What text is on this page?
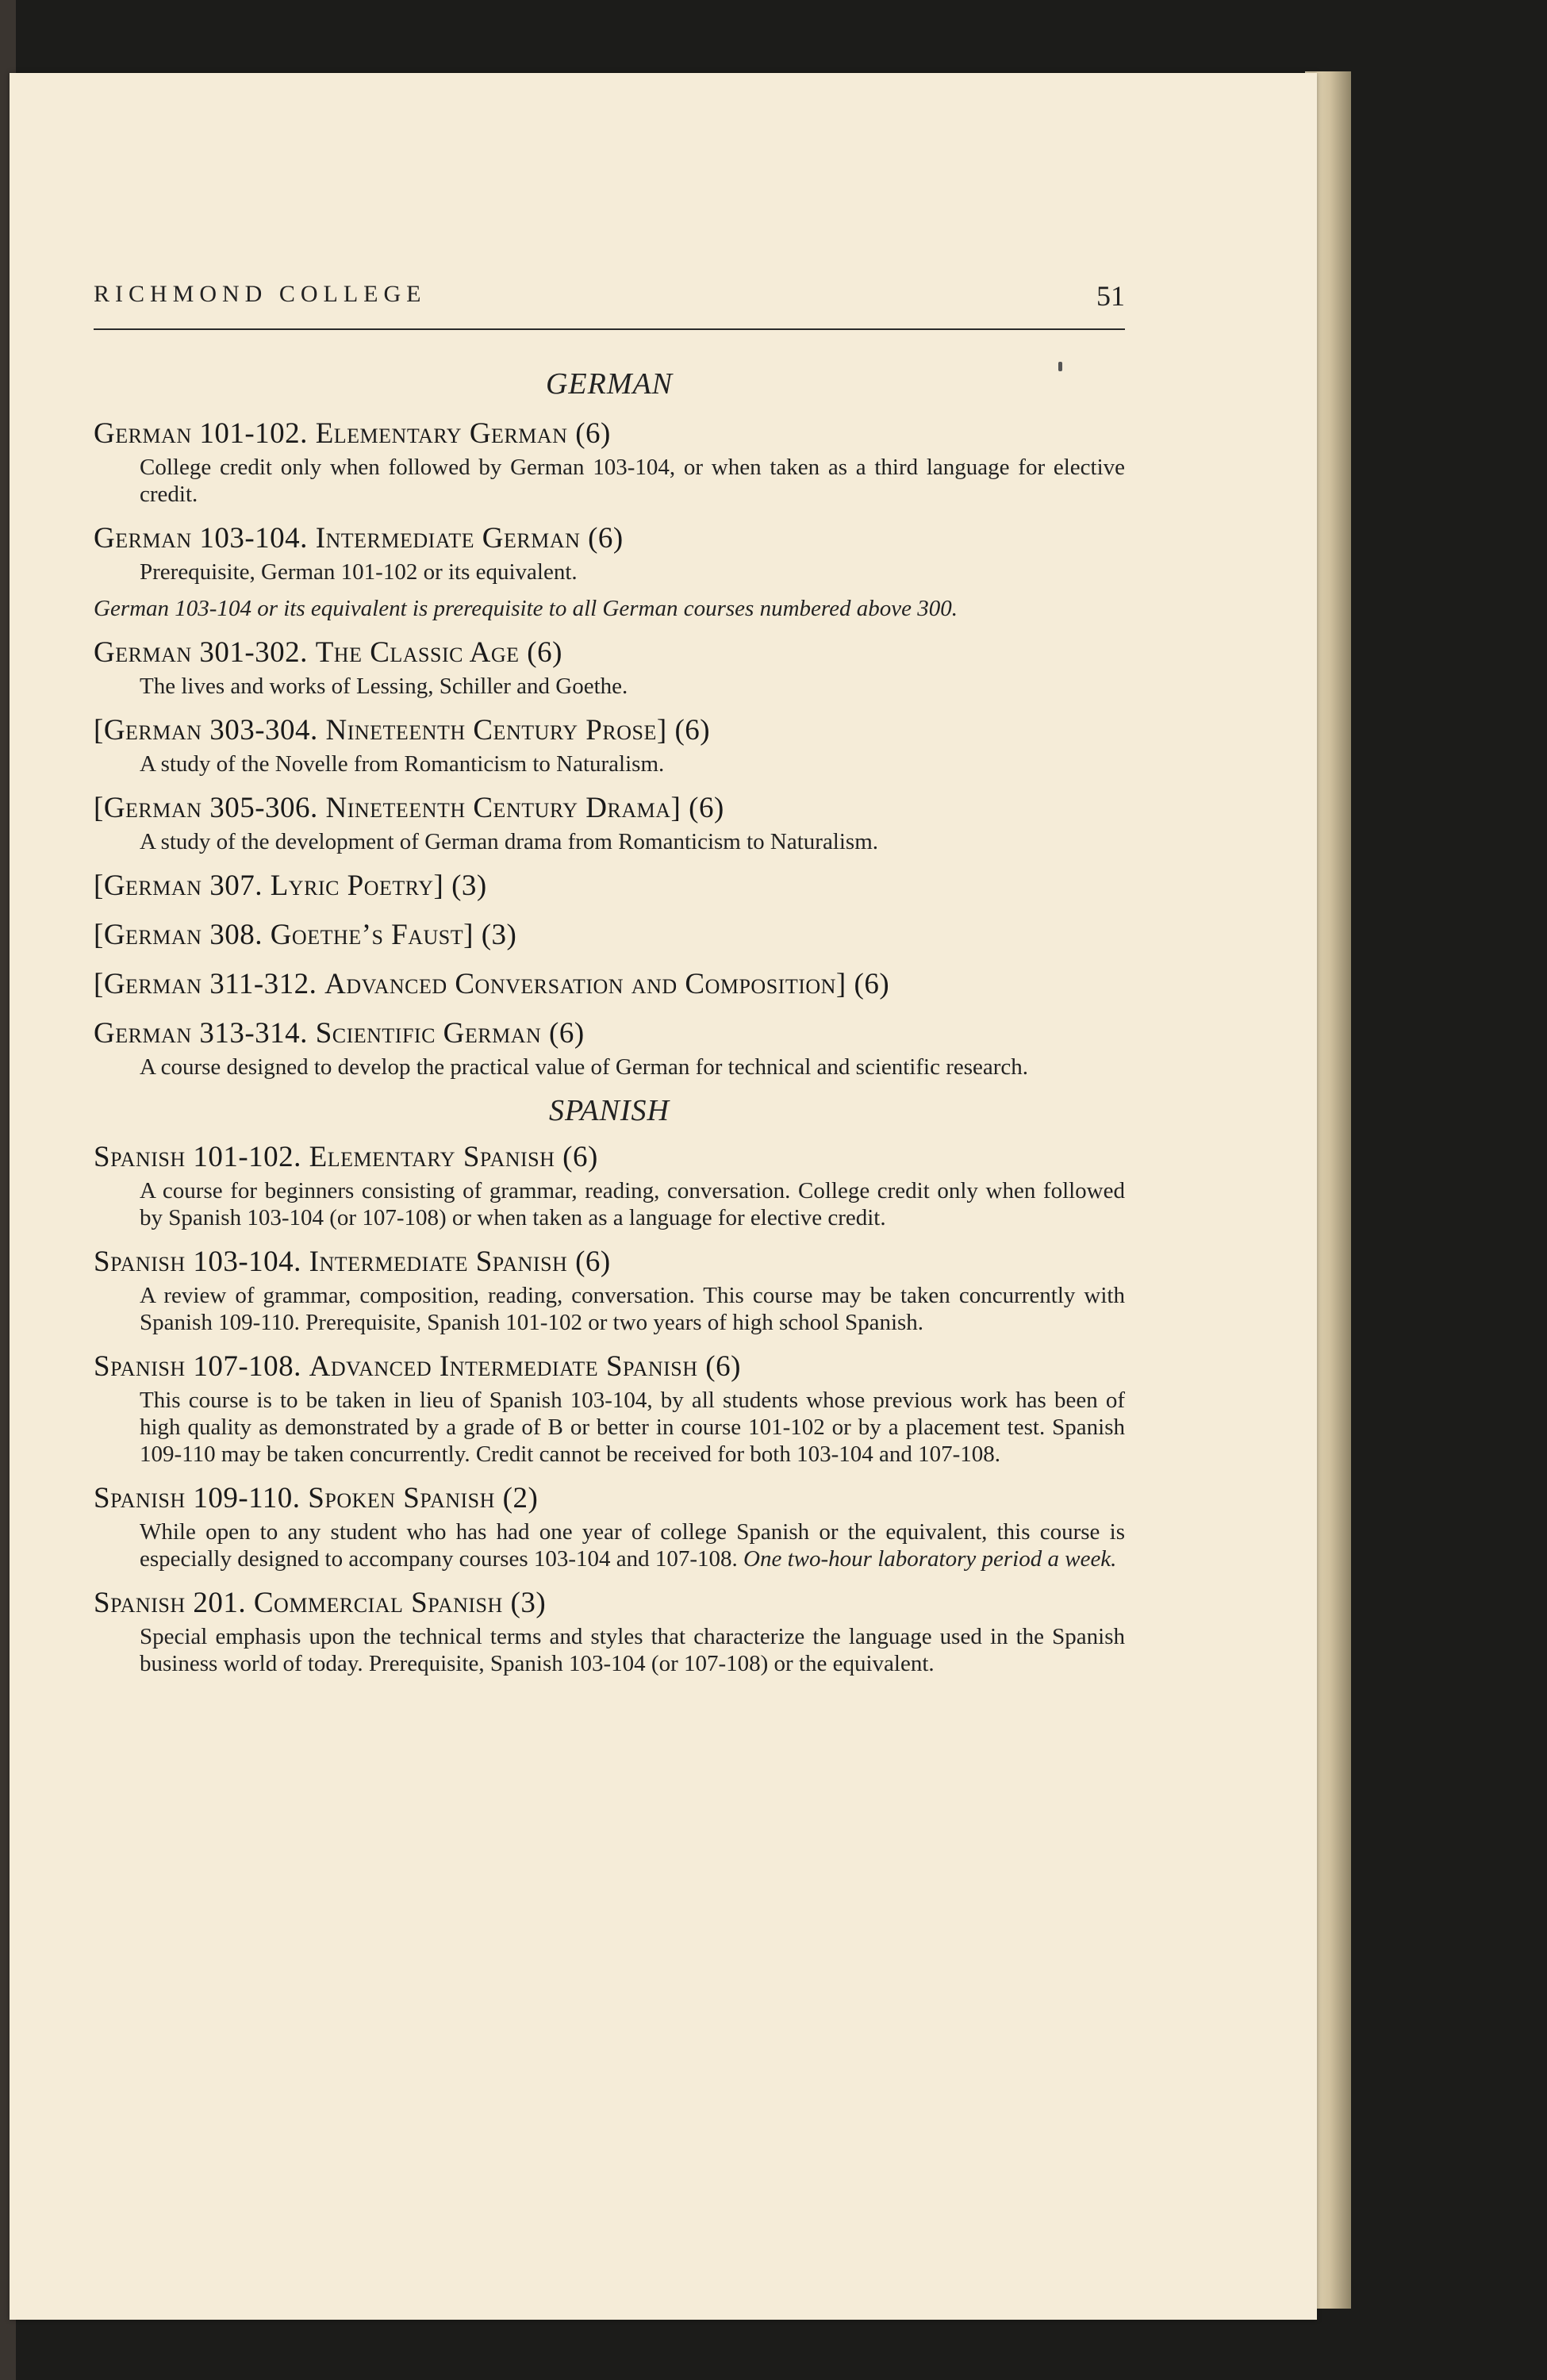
RICHMOND COLLEGE	51
GERMAN
German 101-102. Elementary German (6)
College credit only when followed by German 103-104, or when taken as a third language for elective credit.
German 103-104. Intermediate German (6)
Prerequisite, German 101-102 or its equivalent.
German 103-104 or its equivalent is prerequisite to all German courses numbered above 300.
German 301-302. The Classic Age (6)
The lives and works of Lessing, Schiller and Goethe.
[German 303-304. Nineteenth Century Prose] (6)
A study of the Novelle from Romanticism to Naturalism.
[German 305-306. Nineteenth Century Drama] (6)
A study of the development of German drama from Romanticism to Naturalism.
[German 307. Lyric Poetry] (3)
[German 308. Goethe’s Faust] (3)
[German 311-312. Advanced Conversation and Composition] (6)
German 313-314. Scientific German (6)
A course designed to develop the practical value of German for technical and scientific research.
SPANISH
Spanish 101-102. Elementary Spanish (6)
A course for beginners consisting of grammar, reading, conversation. College credit only when followed by Spanish 103-104 (or 107-108) or when taken as a language for elective credit.
Spanish 103-104. Intermediate Spanish (6)
A review of grammar, composition, reading, conversation. This course may be taken concurrently with Spanish 109-110. Prerequisite, Spanish 101-102 or two years of high school Spanish.
Spanish 107-108. Advanced Intermediate Spanish (6)
This course is to be taken in lieu of Spanish 103-104, by all students whose previous work has been of high quality as demonstrated by a grade of B or better in course 101-102 or by a placement test. Spanish 109-110 may be taken concurrently. Credit cannot be received for both 103-104 and 107-108.
Spanish 109-110. Spoken Spanish (2)
While open to any student who has had one year of college Spanish or the equivalent, this course is especially designed to accompany courses 103-104 and 107-108. One two-hour laboratory period a week.
Spanish 201. Commercial Spanish (3)
Special emphasis upon the technical terms and styles that characterize the language used in the Spanish business world of today. Prerequisite, Spanish 103-104 (or 107-108) or the equivalent.
